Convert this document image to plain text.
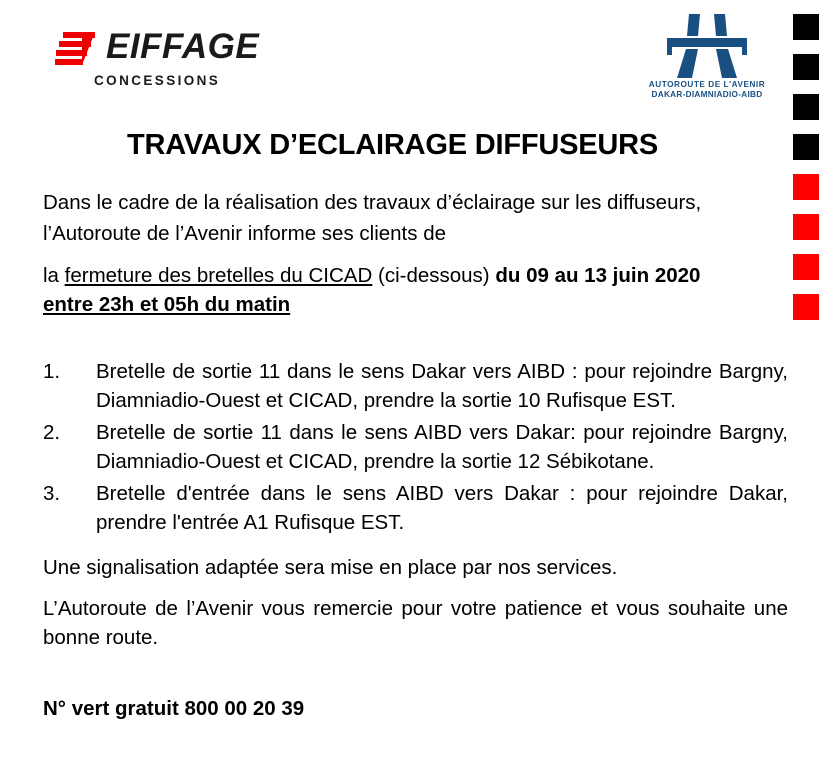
EIFFAGE
CONCESSIONS	AUTOROUTE DE L'AVENIR
DAKAR-DIAMNIADIO-AIBD
TRAVAUX D’ECLAIRAGE DIFFUSEURS

Dans le cadre de la réalisation des travaux d’éclairage sur les diffuseurs,

l’Autoroute de l’Avenir informe ses clients de

la fermeture des bretelles du CICAD (ci-dessous) du 09 au 13 juin 2020

entre 23h et 05h du matin

1.	Bretelle de sortie 11 dans le sens Dakar vers AIBD : pour rejoindre Bargny, Diamniadio-Ouest et CICAD, prendre la sortie 10 Rufisque EST.
2.	Bretelle de sortie 11 dans le sens AIBD vers Dakar: pour rejoindre Bargny, Diamniadio-Ouest et CICAD, prendre la sortie 12 Sébikotane.
3.	Bretelle d'entrée dans le sens AIBD vers Dakar : pour rejoindre Dakar, prendre l'entrée A1 Rufisque EST.

Une signalisation adaptée sera mise en place par nos services.

L’Autoroute de l’Avenir vous remercie pour votre patience et vous souhaite une bonne route.

N° vert gratuit 800 00 20 39
